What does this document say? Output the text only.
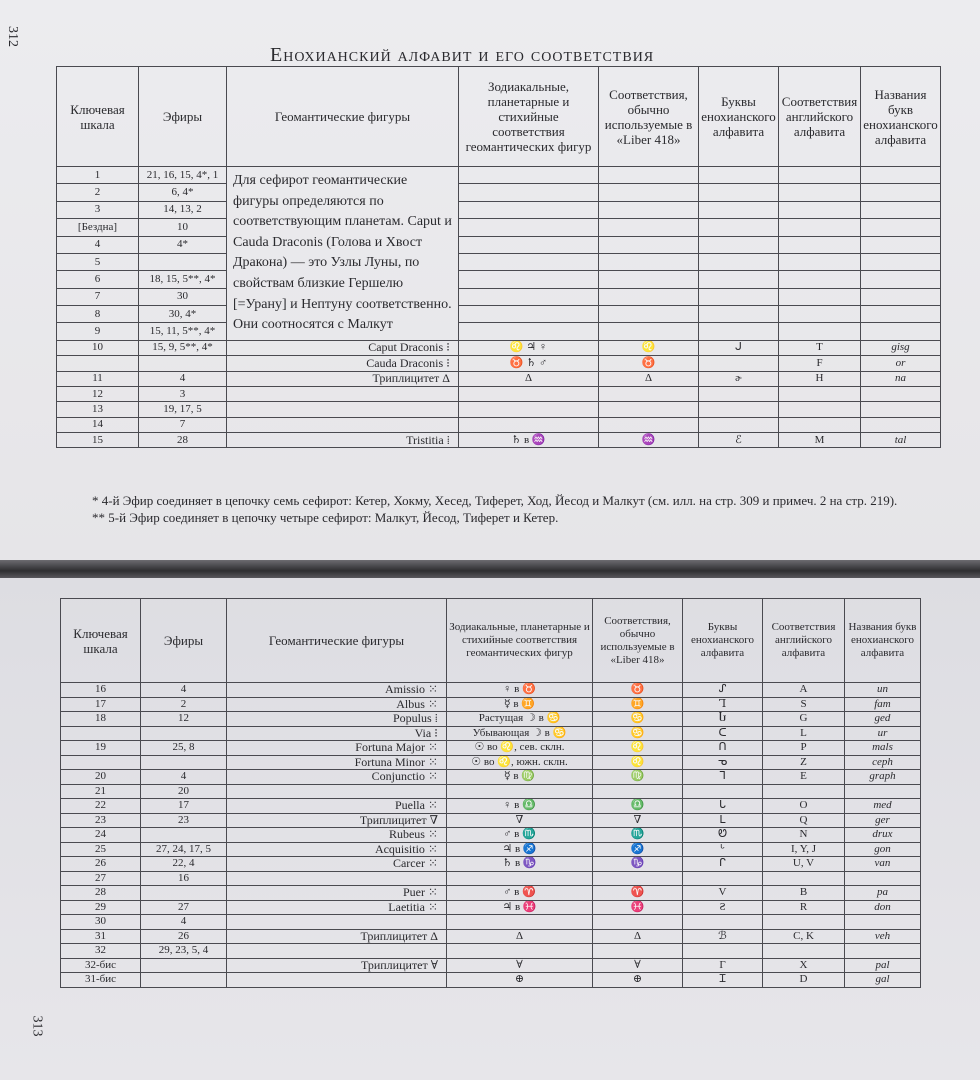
312
Енохианский алфавит и его соответствия
Ключевая шкала	Эфиры	Геомантические фигуры	Зодиакальные, планетарные и стихийные соответствия геомантических фигур	Соответствия, обычно используемые в «Liber 418»	Буквы енохианского алфавита	Соответствия английского алфавита	Названия букв енохианского алфавита
1	21, 16, 15, 4*, 1	Для сефирот геомантические фигуры определяются по соответствующим планетам. Caput и Cauda Draconis (Голова и Хвост Дракона) — это Узлы Луны, по свойствам близкие Гершелю [=Урану] и Нептуну соответственно. Они соотносятся с Малкут					
2	6, 4*						
3	14, 13, 2						
[Бездна]	10						
4	4*						
5							
6	18, 15, 5**, 4*						
7	30						
8	30, 4*						
9	15, 11, 5**, 4*						
10	15, 9, 5**, 4*	Caput Draconis ⁝	♌ ♃ ♀	♌	ᒍ	T	gisg
		Cauda Draconis ⁝	♉ ♄ ♂	♉		F	or
11	4	Триплицитет Δ	Δ	Δ	ɚ	H	na
12	3						
13	19, 17, 5						
14	7						
15	28	Tristitia ⁞	♄ в ♒	♒	ℰ	M	tal

* 4-й Эфир соединяет в цепочку семь сефирот: Кетер, Хокму, Хесед, Тиферет, Ход, Йесод и Малкут (см. илл. на стр. 309 и примеч. 2 на стр. 219).

** 5-й Эфир соединяет в цепочку четыре сефирот: Малкут, Йесод, Тиферет и Кетер.

Ключевая шкала	Эфиры	Геомантические фигуры	Зодиакальные, планетарные и стихийные соответствия геомантических фигур	Соответствия, обычно используемые в «Liber 418»	Буквы енохианского алфавита	Соответствия английского алфавита	Названия букв енохианского алфавита
16	4	Amissio ⁙	♀ в ♉	♉	ᔑ	A	un
17	2	Albus ⁙	☿ в ♊	♊	Ꞁ	S	fam
18	12	Populus ⁞	Растущая ☽ в ♋	♋	Ⴑ	G	ged
		Via ⁝	Убывающая ☽ в ♋	♋	ᑕ	L	ur
19	25, 8	Fortuna Major ⁙	☉ во ♌, сев. склн.	♌	ᑎ	P	mals
		Fortuna Minor ⁙	☉ во ♌, южн. склн.	♌	ᓀ	Z	ceph
20	4	Conjunctio ⁙	☿ в ♍	♍	ᒣ	E	graph
21	20						
22	17	Puella ⁙	♀ в ♎	♎	ᒐ	O	med
23	23	Триплицитет ∇	∇	∇	ᒪ	Q	ger
24		Rubeus ⁙	♂ в ♏	♏	Ꮼ	N	drux
25	27, 24, 17, 5	Acquisitio ⁙	♃ в ♐	♐	ᒡ	I, Y, J	gon
26	22, 4	Carcer ⁙	♄ в ♑	♑	ᒋ	U, V	van
27	16						
28		Puer ⁙	♂ в ♈	♈	V	B	pa
29	27	Laetitia ⁙	♃ в ♓	♓	Ƨ	R	don
30	4						
31	26	Триплицитет Δ	Δ	Δ	ℬ	C, K	veh
32	29, 23, 5, 4						
32-бис		Триплицитет ∀	∀	∀	Γ	X	pal
31-бис			⊕	⊕	Ɪ	D	gal
313
